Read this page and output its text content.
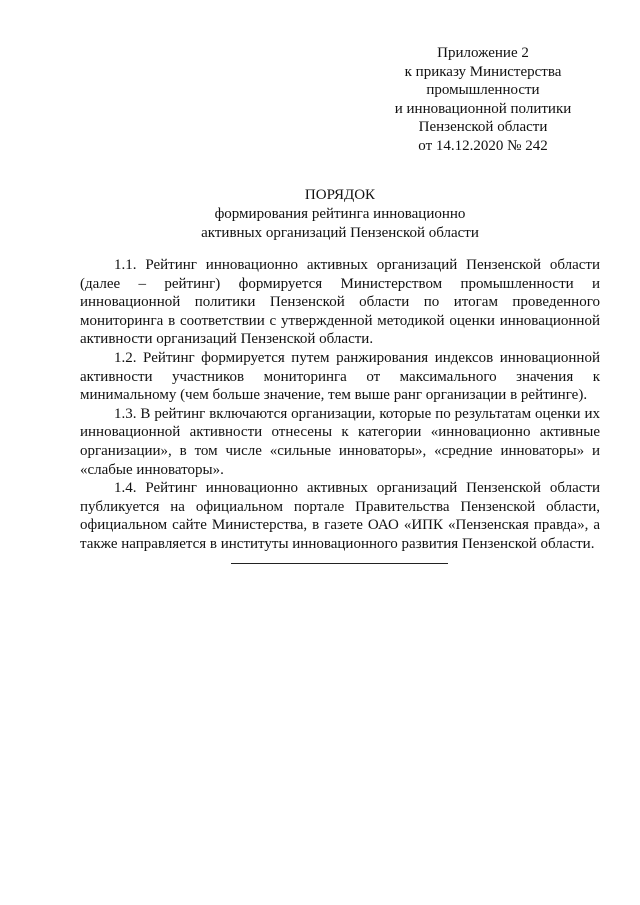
Приложение 2
к приказу Министерства
промышленности
и инновационной политики
Пензенской области
от 14.12.2020 № 242
ПОРЯДОК
формирования рейтинга инновационно
активных организаций Пензенской области

1.1. Рейтинг инновационно активных организаций Пензенской области (далее – рейтинг) формируется Министерством промышленности и инновационной политики Пензенской области по итогам проведенного мониторинга в соответствии с утвержденной методикой оценки инновационной активности организаций Пензенской области.

1.2. Рейтинг формируется путем ранжирования индексов инновационной активности участников мониторинга от максимального значения к минимальному (чем больше значение, тем выше ранг организации в рейтинге).

1.3. В рейтинг включаются организации, которые по результатам оценки их инновационной активности отнесены к категории «инновационно активные организации», в том числе «сильные инноваторы», «средние инноваторы» и «слабые инноваторы».

1.4. Рейтинг инновационно активных организаций Пензенской области публикуется на официальном портале Правительства Пензенской области, официальном сайте Министерства, в газете ОАО «ИПК «Пензенская правда», а также направляется в институты инновационного развития Пензенской области.
